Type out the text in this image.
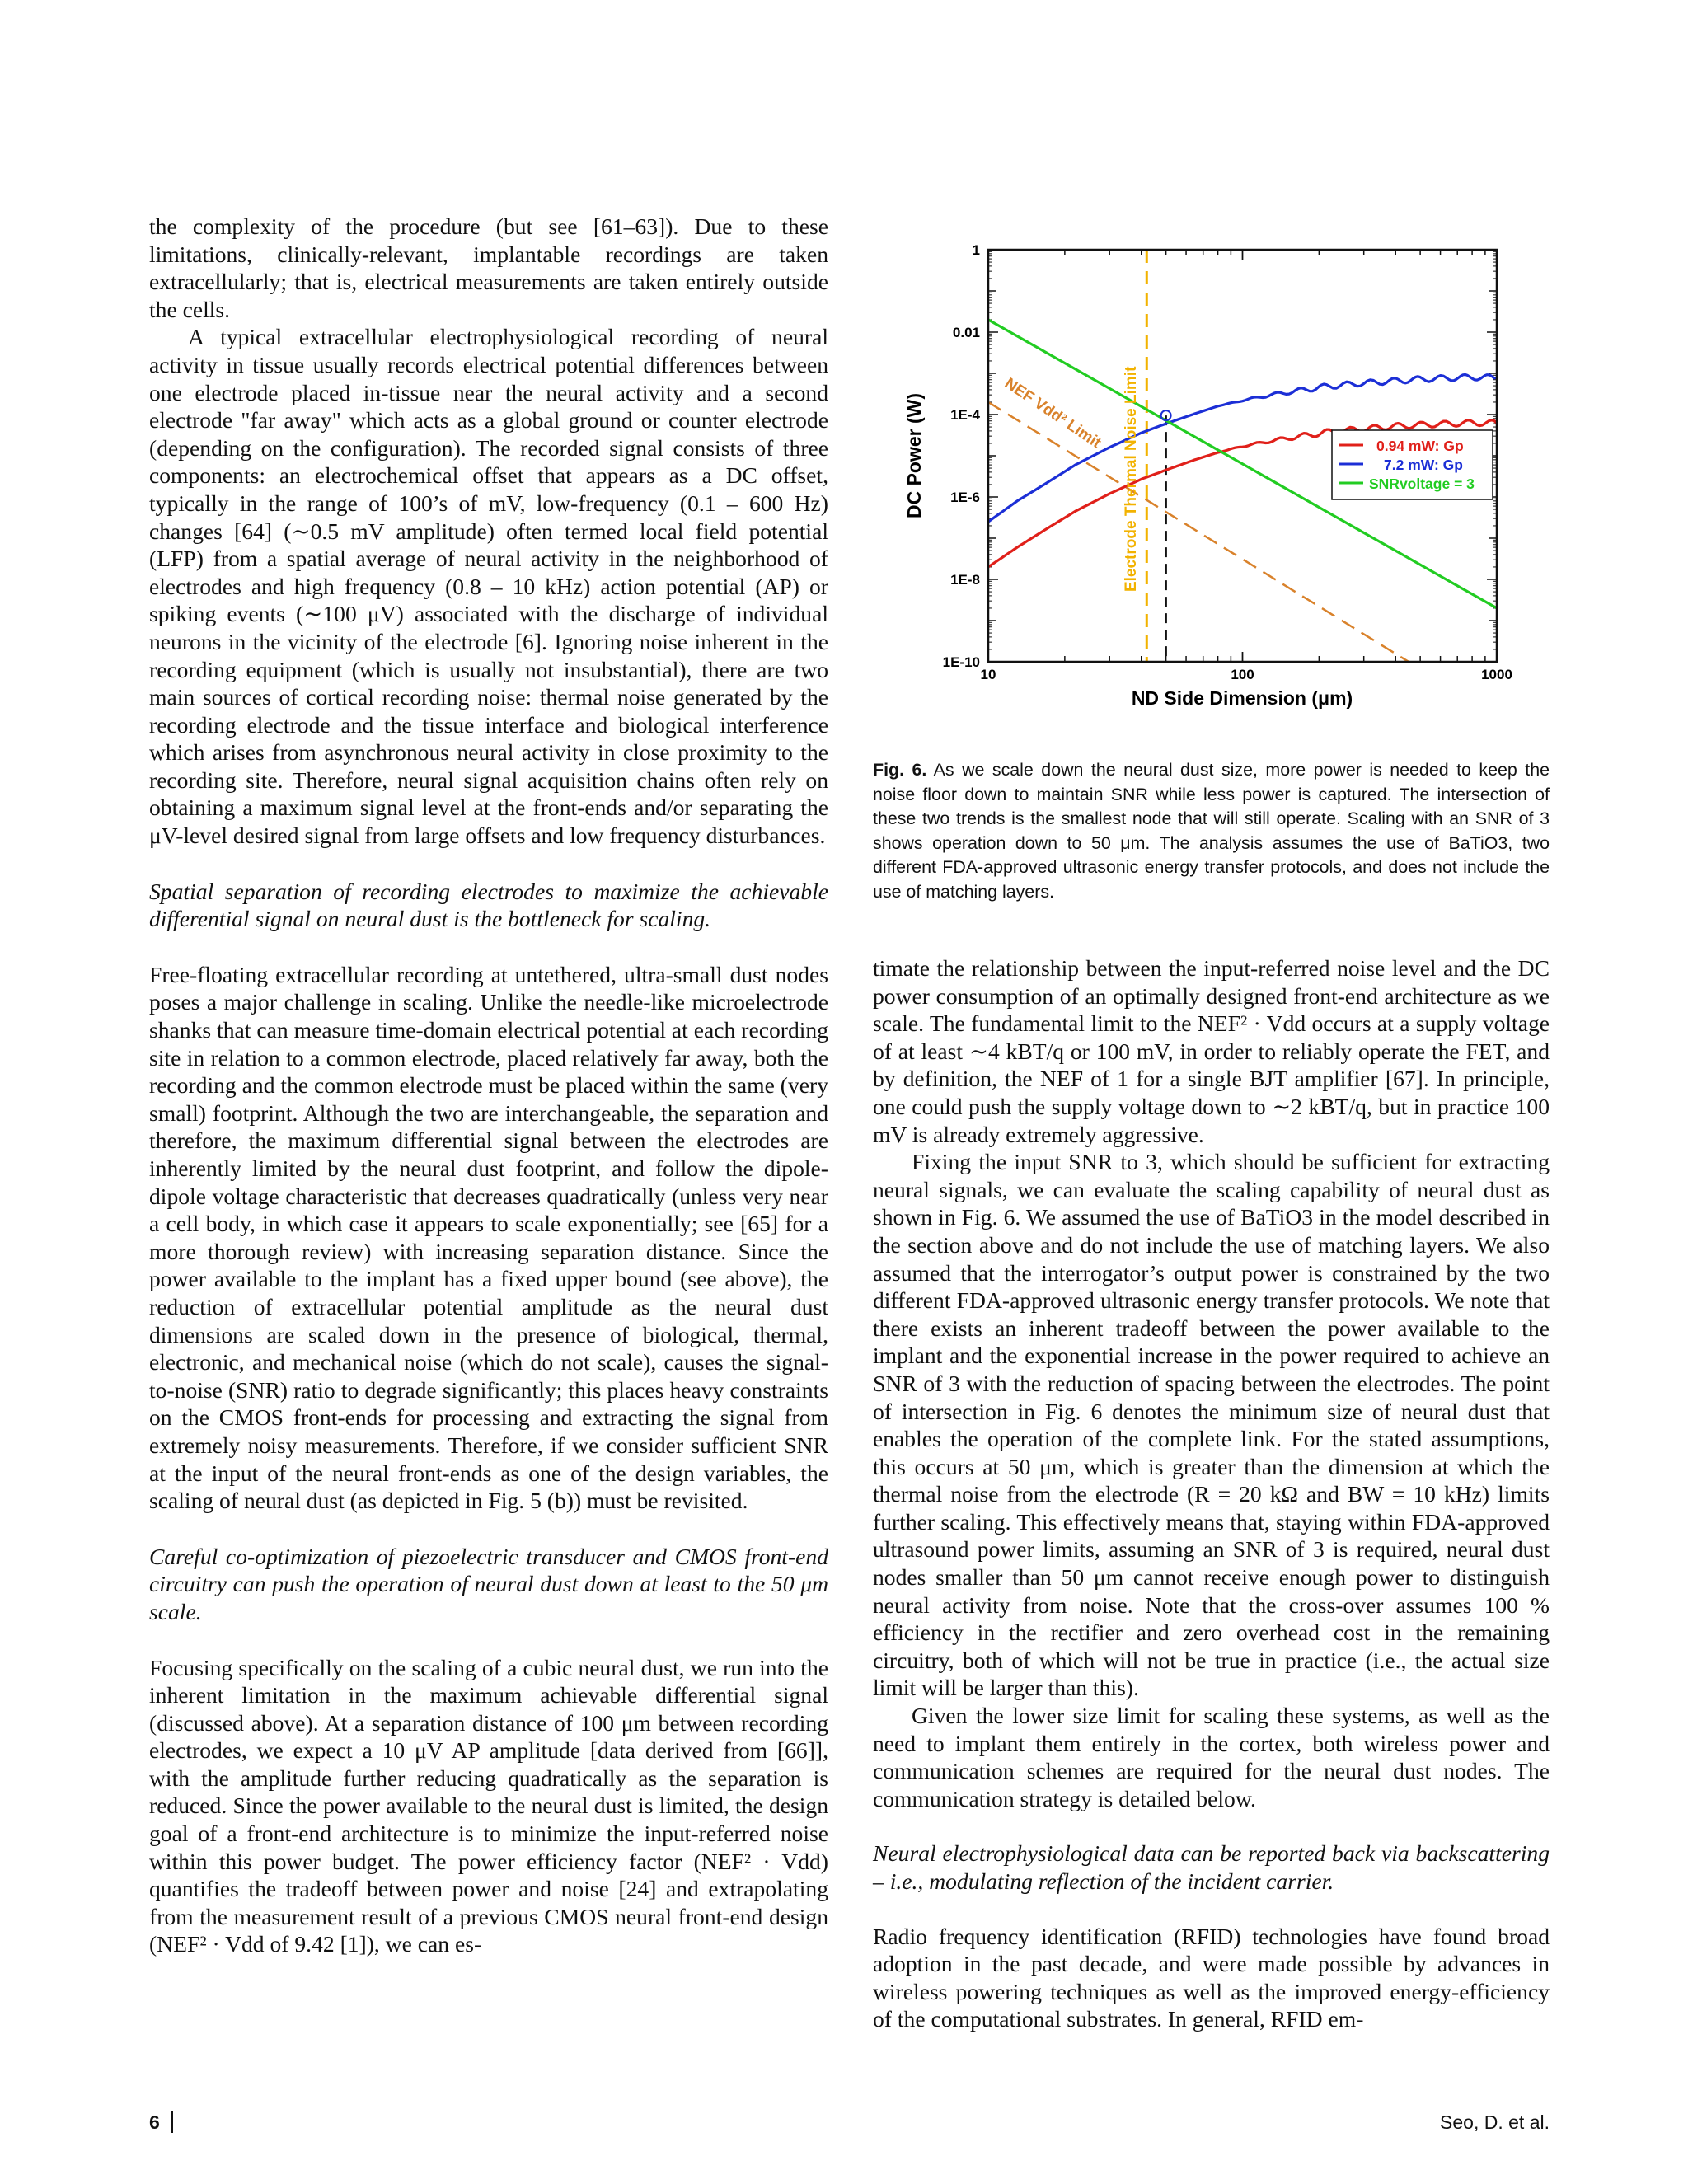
the complexity of the procedure (but see [61–63]). Due to these limitations, clinically-relevant, implantable recordings are taken extracellularly; that is, electrical measurements are taken entirely outside the cells.

A typical extracellular electrophysiological recording of neural activity in tissue usually records electrical potential differences between one electrode placed in-tissue near the neural activity and a second electrode "far away" which acts as a global ground or counter electrode (depending on the configuration). The recorded signal consists of three components: an electrochemical offset that appears as a DC offset, typically in the range of 100’s of mV, low-frequency (0.1 – 600 Hz) changes [64] (∼0.5 mV amplitude) often termed local field potential (LFP) from a spatial average of neural activity in the neighborhood of electrodes and high frequency (0.8 – 10 kHz) action potential (AP) or spiking events (∼100 μV) associated with the discharge of individual neurons in the vicinity of the electrode [6]. Ignoring noise inherent in the recording equipment (which is usually not insubstantial), there are two main sources of cortical recording noise: thermal noise generated by the recording electrode and the tissue interface and biological interference which arises from asynchronous neural activity in close proximity to the recording site. Therefore, neural signal acquisition chains often rely on obtaining a maximum signal level at the front-ends and/or separating the μV-level desired signal from large offsets and low frequency disturbances.

Spatial separation of recording electrodes to maximize the achievable differential signal on neural dust is the bottleneck for scaling.

Free-floating extracellular recording at untethered, ultra-small dust nodes poses a major challenge in scaling. Unlike the needle-like microelectrode shanks that can measure time-domain electrical potential at each recording site in relation to a common electrode, placed relatively far away, both the recording and the common electrode must be placed within the same (very small) footprint. Although the two are interchangeable, the separation and therefore, the maximum differential signal between the electrodes are inherently limited by the neural dust footprint, and follow the dipole-dipole voltage characteristic that decreases quadratically (unless very near a cell body, in which case it appears to scale exponentially; see [65] for a more thorough review) with increasing separation distance. Since the power available to the implant has a fixed upper bound (see above), the reduction of extracellular potential amplitude as the neural dust dimensions are scaled down in the presence of biological, thermal, electronic, and mechanical noise (which do not scale), causes the signal-to-noise (SNR) ratio to degrade significantly; this places heavy constraints on the CMOS front-ends for processing and extracting the signal from extremely noisy measurements. Therefore, if we consider sufficient SNR at the input of the neural front-ends as one of the design variables, the scaling of neural dust (as depicted in Fig. 5 (b)) must be revisited.

Careful co-optimization of piezoelectric transducer and CMOS front-end circuitry can push the operation of neural dust down at least to the 50 μm scale.

Focusing specifically on the scaling of a cubic neural dust, we run into the inherent limitation in the maximum achievable differential signal (discussed above). At a separation distance of 100 μm between recording electrodes, we expect a 10 μV AP amplitude [data derived from [66]], with the amplitude further reducing quadratically as the separation is reduced. Since the power available to the neural dust is limited, the design goal of a front-end architecture is to minimize the input-referred noise within this power budget. The power efficiency factor (NEF² · Vdd) quantifies the tradeoff between power and noise [24] and extrapolating from the measurement result of a previous CMOS neural front-end design (NEF² · Vdd of 9.42 [1]), we can es-

10	100	1000
1E-10
1E-8
1E-6
1E-4
0.01
1
DC Power (W)
ND Side Dimension (μm)
NEF Vdd² Limit Electrode Thermal Noise Limit	0.94 mW: Gp
7.2 mW: Gp
SNRvoltage = 3
Fig. 6. As we scale down the neural dust size, more power is needed to keep the noise floor down to maintain SNR while less power is captured. The intersection of these two trends is the smallest node that will still operate. Scaling with an SNR of 3 shows operation down to 50 μm. The analysis assumes the use of BaTiO3, two different FDA-approved ultrasonic energy transfer protocols, and does not include the use of matching layers.

timate the relationship between the input-referred noise level and the DC power consumption of an optimally designed front-end architecture as we scale. The fundamental limit to the NEF² · Vdd occurs at a supply voltage of at least ∼4 kBT/q or 100 mV, in order to reliably operate the FET, and by definition, the NEF of 1 for a single BJT amplifier [67]. In principle, one could push the supply voltage down to ∼2 kBT/q, but in practice 100 mV is already extremely aggressive.

Fixing the input SNR to 3, which should be sufficient for extracting neural signals, we can evaluate the scaling capability of neural dust as shown in Fig. 6. We assumed the use of BaTiO3 in the model described in the section above and do not include the use of matching layers. We also assumed that the interrogator’s output power is constrained by the two different FDA-approved ultrasonic energy transfer protocols. We note that there exists an inherent tradeoff between the power available to the implant and the exponential increase in the power required to achieve an SNR of 3 with the reduction of spacing between the electrodes. The point of intersection in Fig. 6 denotes the minimum size of neural dust that enables the operation of the complete link. For the stated assumptions, this occurs at 50 μm, which is greater than the dimension at which the thermal noise from the electrode (R = 20 kΩ and BW = 10 kHz) limits further scaling. This effectively means that, staying within FDA-approved ultrasound power limits, assuming an SNR of 3 is required, neural dust nodes smaller than 50 μm cannot receive enough power to distinguish neural activity from noise. Note that the cross-over assumes 100 % efficiency in the rectifier and zero overhead cost in the remaining circuitry, both of which will not be true in practice (i.e., the actual size limit will be larger than this).

Given the lower size limit for scaling these systems, as well as the need to implant them entirely in the cortex, both wireless power and communication schemes are required for the neural dust nodes. The communication strategy is detailed below.

Neural electrophysiological data can be reported back via backscattering – i.e., modulating reflection of the incident carrier.

Radio frequency identification (RFID) technologies have found broad adoption in the past decade, and were made possible by advances in wireless powering techniques as well as the improved energy-efficiency of the computational substrates. In general, RFID em-

6	Seo, D. et al.
